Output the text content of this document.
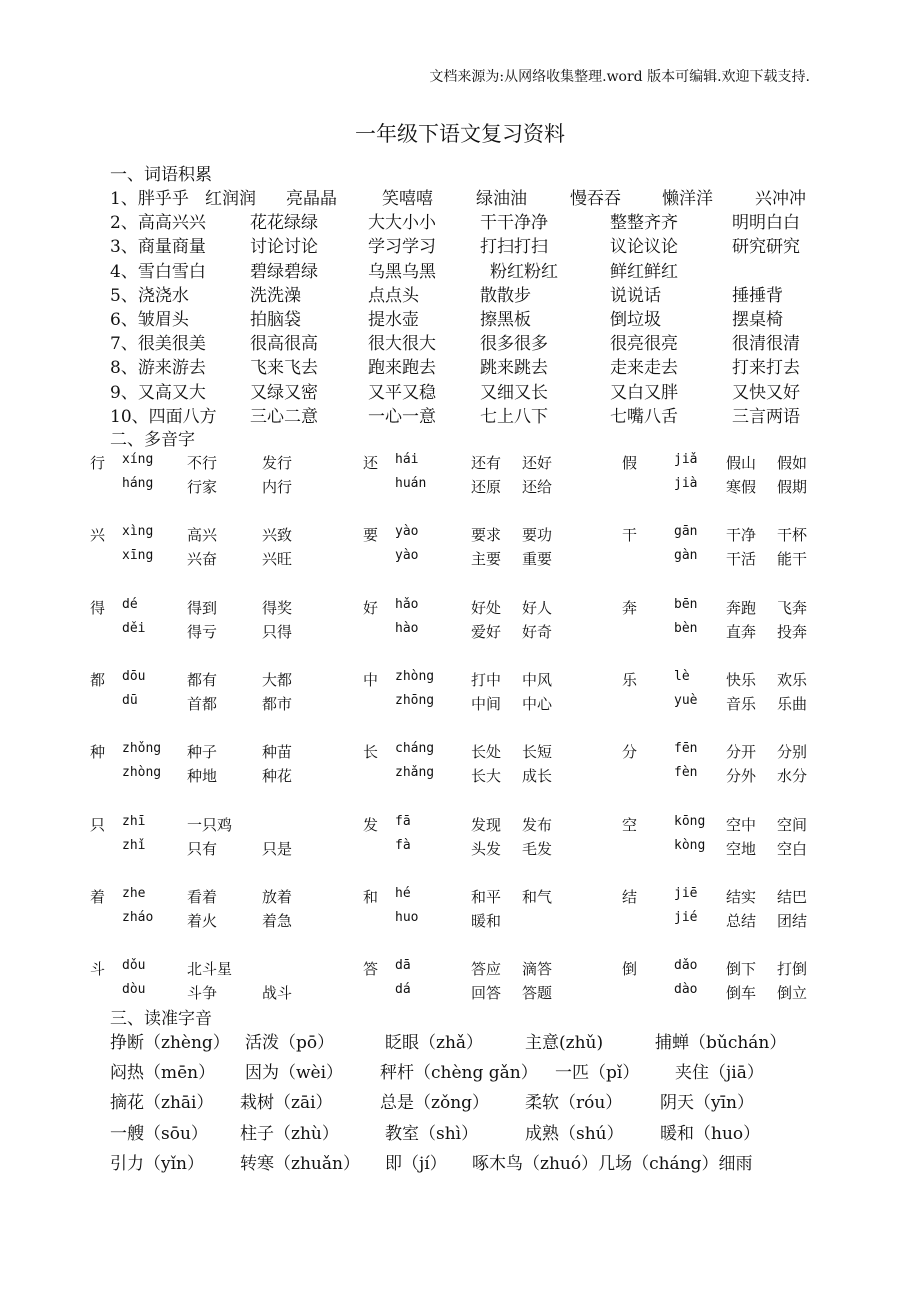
文档来源为:从网络收集整理.word 版本可编辑.欢迎下载支持.
一年级下语文复习资料
一、词语积累
1、胖乎乎 红润润 亮晶晶	笑嘻嘻	绿油油	慢吞吞 懒洋洋 兴冲冲
2、高高兴兴	花花绿绿	大大小小	干干净净	整整齐齐	明明白白
3、商量商量	讨论讨论	学习学习	打扫打扫	议论议论	研究研究
4、雪白雪白	碧绿碧绿	乌黑乌黑	粉红粉红	鲜红鲜红
5、浇浇水	洗洗澡	点点头	散散步	说说话	捶捶背
6、皱眉头	拍脑袋	提水壶	擦黑板	倒垃圾	摆桌椅
7、很美很美	很高很高	很大很大	很多很多	很亮很亮	很清很清
8、游来游去	飞来飞去	跑来跑去	跳来跳去	走来走去	打来打去
9、又高又大	又绿又密	又平又稳	又细又长	又白又胖	又快又好
10、四面八方 三心二意	一心一意	七上八下	七嘴八舌	三言两语
二、多音字
行 xíng 不行	发行	还 hái	还有 还好	假	jiǎ 假山 假如
háng 行家	内行	huán	还原 还给	jià 寒假 假期
兴 xìng 高兴	兴致	要 yào	要求 要功	干	gān 干净 干杯
xīng 兴奋	兴旺	yào	主要 重要	gàn 干活 能干
得 dé	得到	得奖	好 hǎo	好处 好人	奔	bēn 奔跑 飞奔
děi	得亏	只得	hào	爱好 好奇	bèn 直奔 投奔
都 dōu	都有	大都	中 zhòng 打中 中风	乐	lè 快乐 欢乐
dū	首都	都市	zhōng 中间 中心	yuè 音乐 乐曲
种 zhǒng 种子	种苗	长 cháng 长处 长短	分	fēn 分开 分别
zhòng 种地	种花	zhǎng 长大 成长	fèn 分外 水分
只 zhī	一只鸡	发 fā	发现 发布	空	kōng 空中 空间
zhǐ	只有	只是	fà	头发 毛发	kòng 空地 空白
着 zhe	看着	放着	和 hé	和平 和气	结	jiē 结实 结巴
zháo 着火	着急	huo	暖和	jié 总结 团结
斗 dǒu	北斗星	答 dā	答应 滴答	倒	dǎo 倒下 打倒
dòu	斗争	战斗	dá	回答 答题	dào 倒车 倒立
三、读准字音
挣断（zhèng） 活泼（pō）	眨眼（zhǎ） 主意(zhǔ)	捕蝉（bǔchán）
闷热（mēn） 因为（wèi） 秤杆（chèng gǎn） 一匹（pǐ） 夹住（jiā）
摘花（zhāi） 栽树（zāi）	总是（zǒng） 柔软（róu） 阴天（yīn）
一艘（sōu） 柱子（zhù）	教室（shì）	成熟（shú） 暖和（huo）
引力（yǐn） 转寒（zhuǎn） 即（jí） 啄木鸟（zhuó）几场（cháng）细雨
